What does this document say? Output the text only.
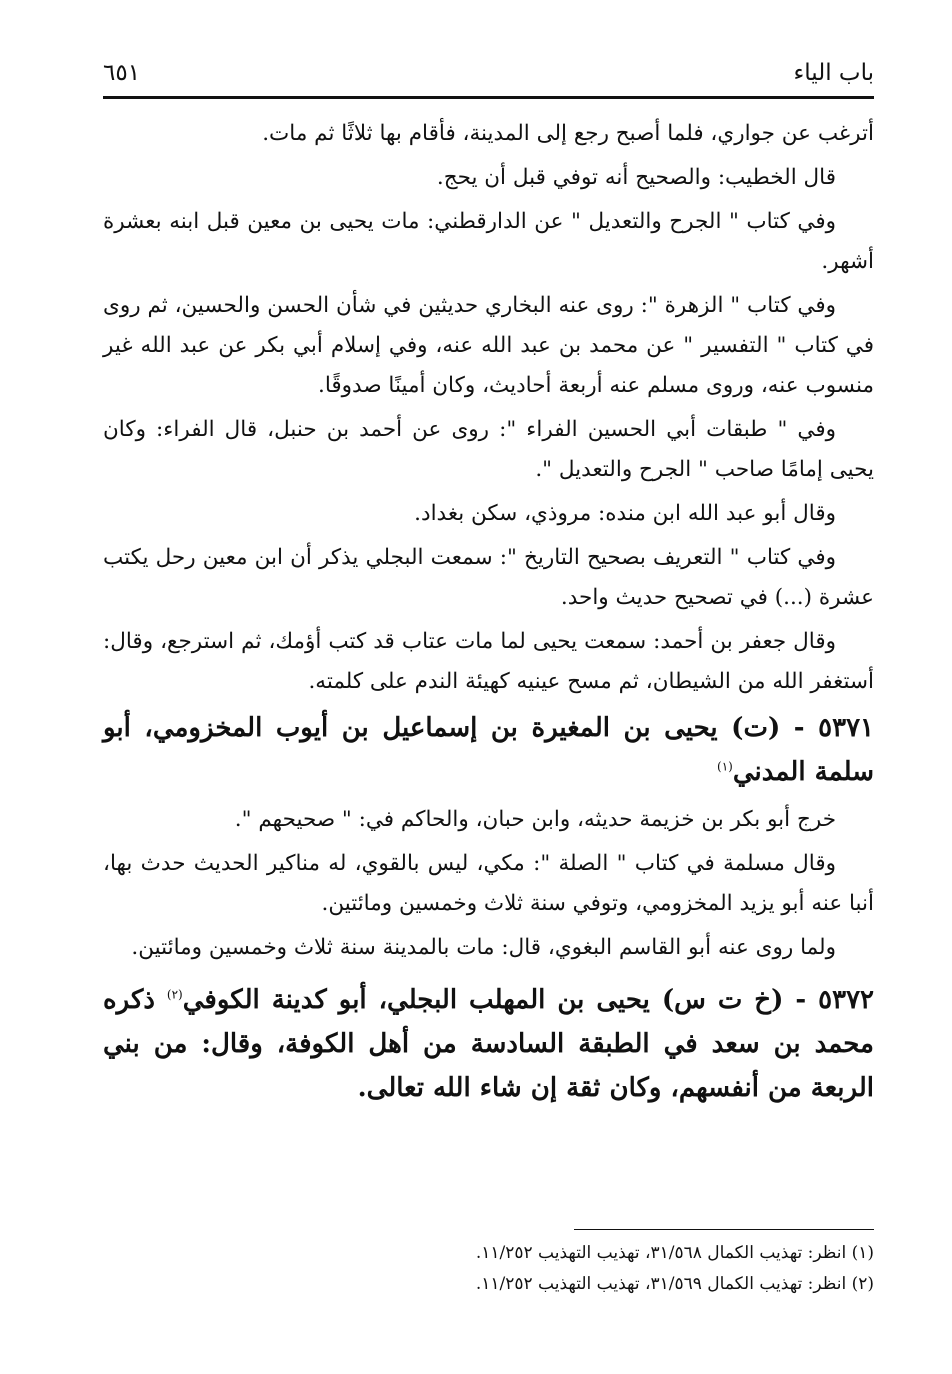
باب الياء
٦٥١

أترغب عن جواري، فلما أصبح رجع إلى المدينة، فأقام بها ثلاثًا ثم مات.

قال الخطيب: والصحيح أنه توفي قبل أن يحج.

وفي كتاب " الجرح والتعديل " عن الدارقطني: مات يحيى بن معين قبل ابنه بعشرة أشهر.

وفي كتاب " الزهرة ": روى عنه البخاري حديثين في شأن الحسن والحسين، ثم روى في كتاب " التفسير " عن محمد بن عبد الله عنه، وفي إسلام أبي بكر عن عبد الله غير منسوب عنه، وروى مسلم عنه أربعة أحاديث، وكان أمينًا صدوقًا.

وفي " طبقات أبي الحسين الفراء ": روى عن أحمد بن حنبل، قال الفراء: وكان يحيى إمامًا صاحب " الجرح والتعديل ".

وقال أبو عبد الله ابن منده: مروذي، سكن بغداد.

وفي كتاب " التعريف بصحيح التاريخ ": سمعت البجلي يذكر أن ابن معين رحل يكتب عشرة (...) في تصحيح حديث واحد.

وقال جعفر بن أحمد: سمعت يحيى لما مات عتاب قد كتب أؤمك، ثم استرجع، وقال: أستغفر الله من الشيطان، ثم مسح عينيه كهيئة الندم على كلمته.

٥٣٧١ - (ت) يحيى بن المغيرة بن إسماعيل بن أيوب المخزومي، أبو سلمة المدني$^{(١)}$

خرج أبو بكر بن خزيمة حديثه، وابن حبان، والحاكم في: " صحيحهم ".

وقال مسلمة في كتاب " الصلة ": مكي، ليس بالقوي، له مناكير الحديث حدث بها، أنبا عنه أبو يزيد المخزومي، وتوفي سنة ثلاث وخمسين ومائتين.

ولما روى عنه أبو القاسم البغوي، قال: مات بالمدينة سنة ثلاث وخمسين ومائتين.

٥٣٧٢ - (خ ت س) يحيى بن المهلب البجلي، أبو كدينة الكوفي$^{(٢)}$ ذكره محمد بن سعد في الطبقة السادسة من أهل الكوفة، وقال: من بني الربعة من أنفسهم، وكان ثقة إن شاء الله تعالى.

(١) انظر: تهذيب الكمال ٣١/٥٦٨، تهذيب التهذيب ١١/٢٥٢.

(٢) انظر: تهذيب الكمال ٣١/٥٦٩، تهذيب التهذيب ١١/٢٥٢.
